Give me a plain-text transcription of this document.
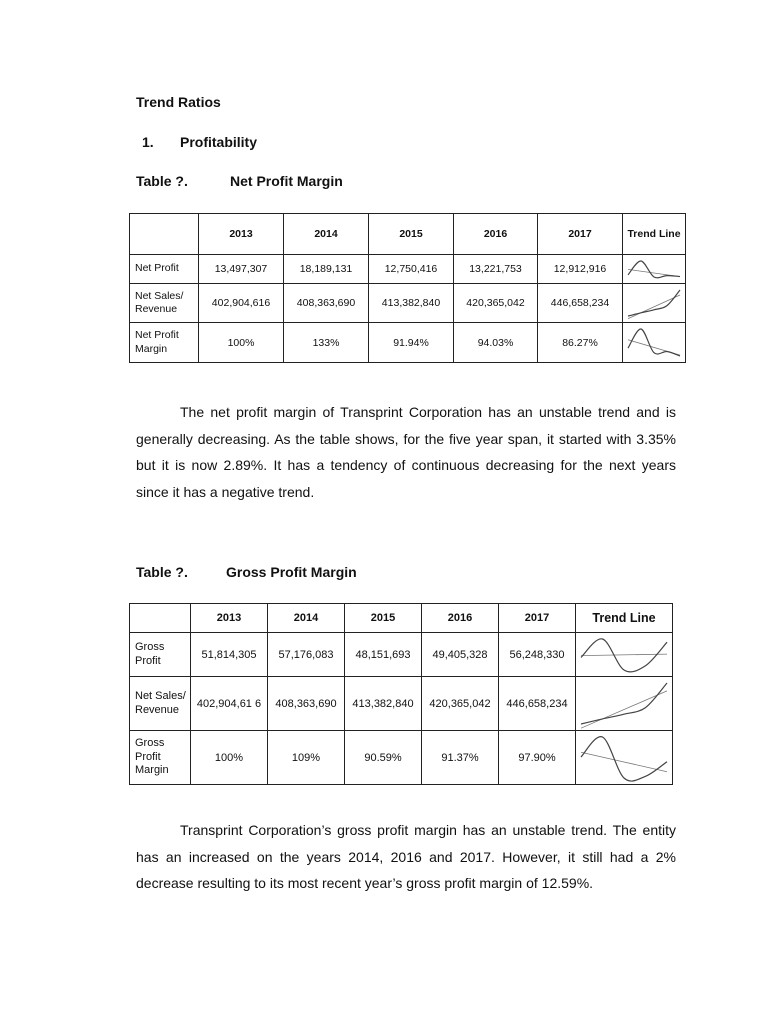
Trend Ratios
1. Profitability
Table ?.	Net Profit Margin
	2013	2014	2015	2016	2017	Trend Line
Net Profit	13,497,307	18,189,131	12,750,416	13,221,753	12,912,916	

Net Sales/ Revenue	402,904,616	408,363,690	413,382,840	420,365,042	446,658,234	

Net Profit Margin	100%	133%	91.94%	94.03%	86.27%	

The net profit margin of Transprint Corporation has an unstable trend and is generally decreasing. As the table shows, for the five year span, it started with 3.35% but it is now 2.89%. It has a tendency of continuous decreasing for the next years since it has a negative trend.

Table ?.	Gross Profit Margin
	2013	2014	2015	2016	2017	Trend Line
Gross Profit	51,814,305	57,176,083	48,151,693	49,405,328	56,248,330	

Net Sales/ Revenue	402,904,61 6	408,363,690	413,382,840	420,365,042	446,658,234	

Gross Profit Margin	100%	109%	90.59%	91.37%	97.90%	

Transprint Corporation’s gross profit margin has an unstable trend. The entity has an increased on the years 2014, 2016 and 2017. However, it still had a 2% decrease resulting to its most recent year’s gross profit margin of 12.59%.
